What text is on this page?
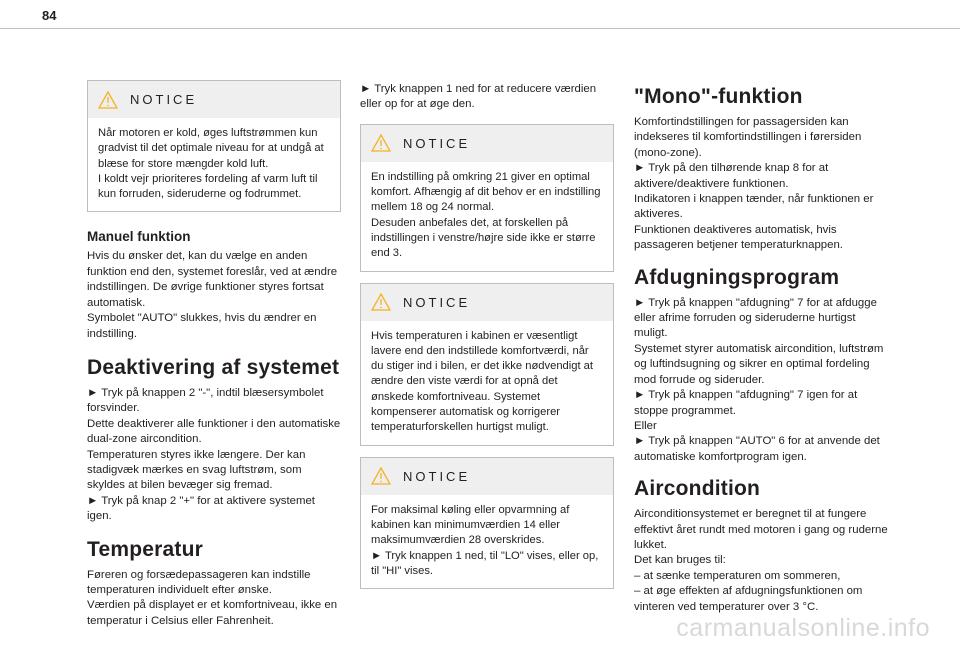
84
NOTICE
Når motoren er kold, øges luftstrømmen kun gradvist til det optimale niveau for at undgå at blæse for store mængder kold luft.
I koldt vejr prioriteres fordeling af varm luft til kun forruden, sideruderne og fodrummet.
Manuel funktion

Hvis du ønsker det, kan du vælge en anden funktion end den, systemet foreslår, ved at ændre indstillingen. De øvrige funktioner styres fortsat automatisk.
Symbolet "AUTO" slukkes, hvis du ændrer en indstilling.

Deaktivering af systemet

► Tryk på knappen 2 "-", indtil blæsersymbolet forsvinder.
Dette deaktiverer alle funktioner i den automatiske dual-zone aircondition.
Temperaturen styres ikke længere. Der kan stadigvæk mærkes en svag luftstrøm, som skyldes at bilen bevæger sig fremad.
► Tryk på knap 2 "+" for at aktivere systemet igen.

Temperatur

Føreren og forsædepassageren kan indstille temperaturen individuelt efter ønske.
Værdien på displayet er et komfortniveau, ikke en temperatur i Celsius eller Fahrenheit.

► Tryk knappen 1 ned for at reducere værdien eller op for at øge den.

NOTICE
En indstilling på omkring 21 giver en optimal komfort. Afhængig af dit behov er en indstilling mellem 18 og 24 normal.
Desuden anbefales det, at forskellen på indstillingen i venstre/højre side ikke er større end 3.
NOTICE
Hvis temperaturen i kabinen er væsentligt lavere end den indstillede komfortværdi, når du stiger ind i bilen, er det ikke nødvendigt at ændre den viste værdi for at opnå det ønskede komfortniveau. Systemet kompenserer automatisk og korrigerer temperaturforskellen hurtigst muligt.
NOTICE
For maksimal køling eller opvarmning af kabinen kan minimumværdien 14 eller maksimumværdien 28 overskrides.
► Tryk knappen 1 ned, til "LO" vises, eller op, til "HI" vises.
"Mono"-funktion

Komfortindstillingen for passagersiden kan indekseres til komfortindstillingen i førersiden (mono-zone).
► Tryk på den tilhørende knap 8 for at aktivere/deaktivere funktionen.
Indikatoren i knappen tænder, når funktionen er aktiveres.
Funktionen deaktiveres automatisk, hvis passageren betjener temperaturknappen.

Afdugningsprogram

► Tryk på knappen "afdugning" 7 for at afdugge eller afrime forruden og sideruderne hurtigst muligt.
Systemet styrer automatisk aircondition, luftstrøm og luftindsugning og sikrer en optimal fordeling mod forrude og sideruder.
► Tryk på knappen "afdugning" 7 igen for at stoppe programmet.
Eller
► Tryk på knappen "AUTO" 6 for at anvende det automatiske komfortprogram igen.

Aircondition

Airconditionsystemet er beregnet til at fungere effektivt året rundt med motoren i gang og ruderne lukket.
Det kan bruges til:
– at sænke temperaturen om sommeren,
– at øge effekten af afdugningsfunktionen om vinteren ved temperaturer over 3 °C.

carmanualsonline.info
